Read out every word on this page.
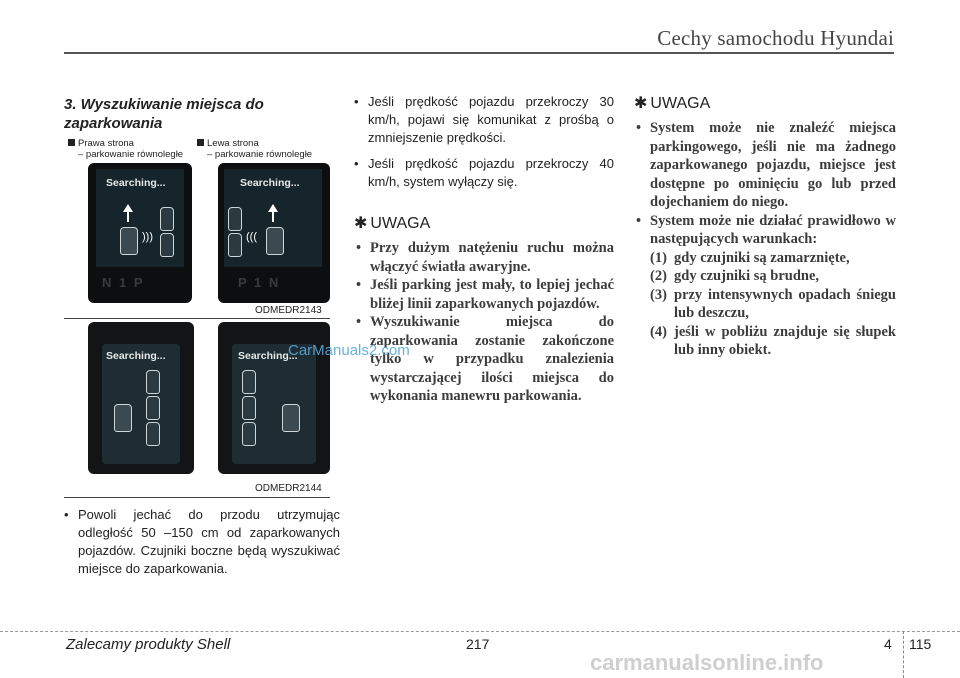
Cechy samochodu Hyundai
3. Wyszukiwanie miejsca do zaparkowania
Prawa strona
– parkowanie równoległe
Lewa strona
– parkowanie równoległe
Searching...
)))
N 1 P
Searching...
(((
P 1 N
ODMEDR2143
Searching...	Searching...
ODMEDR2144
• Powoli jechać do przodu utrzymując odległość 50 –150 cm od zaparkowanych pojazdów. Czujniki boczne będą wyszukiwać miejsce do zaparkowania.
• Jeśli prędkość pojazdu przekroczy 30 km/h, pojawi się komunikat z prośbą o zmniejszenie prędkości.
• Jeśli prędkość pojazdu przekroczy 40 km/h, system wyłączy się.
✱ UWAGA
• Przy dużym natężeniu ruchu można włączyć światła awaryjne.
• Jeśli parking jest mały, to lepiej jechać bliżej linii zaparkowanych pojazdów.
• Wyszukiwanie miejsca do zaparkowania zostanie zakończone tylko w przypadku znalezienia wystarczającej ilości miejsca do wykonania manewru parkowania.
✱ UWAGA
• System może nie znaleźć miejsca parkingowego, jeśli nie ma żadnego zaparkowanego pojazdu, miejsce jest dostępne po ominięciu go lub przed dojechaniem do niego.
• System może nie działać prawidłowo w następujących warunkach:
(1) gdy czujniki są zamarznięte,
(2) gdy czujniki są brudne,
(3) przy intensywnych opadach śniegu lub deszczu,
(4) jeśli w pobliżu znajduje się słupek lub inny obiekt.
CarManuals2.com
carmanualsonline.info
Zalecamy produkty Shell	217	4 115
